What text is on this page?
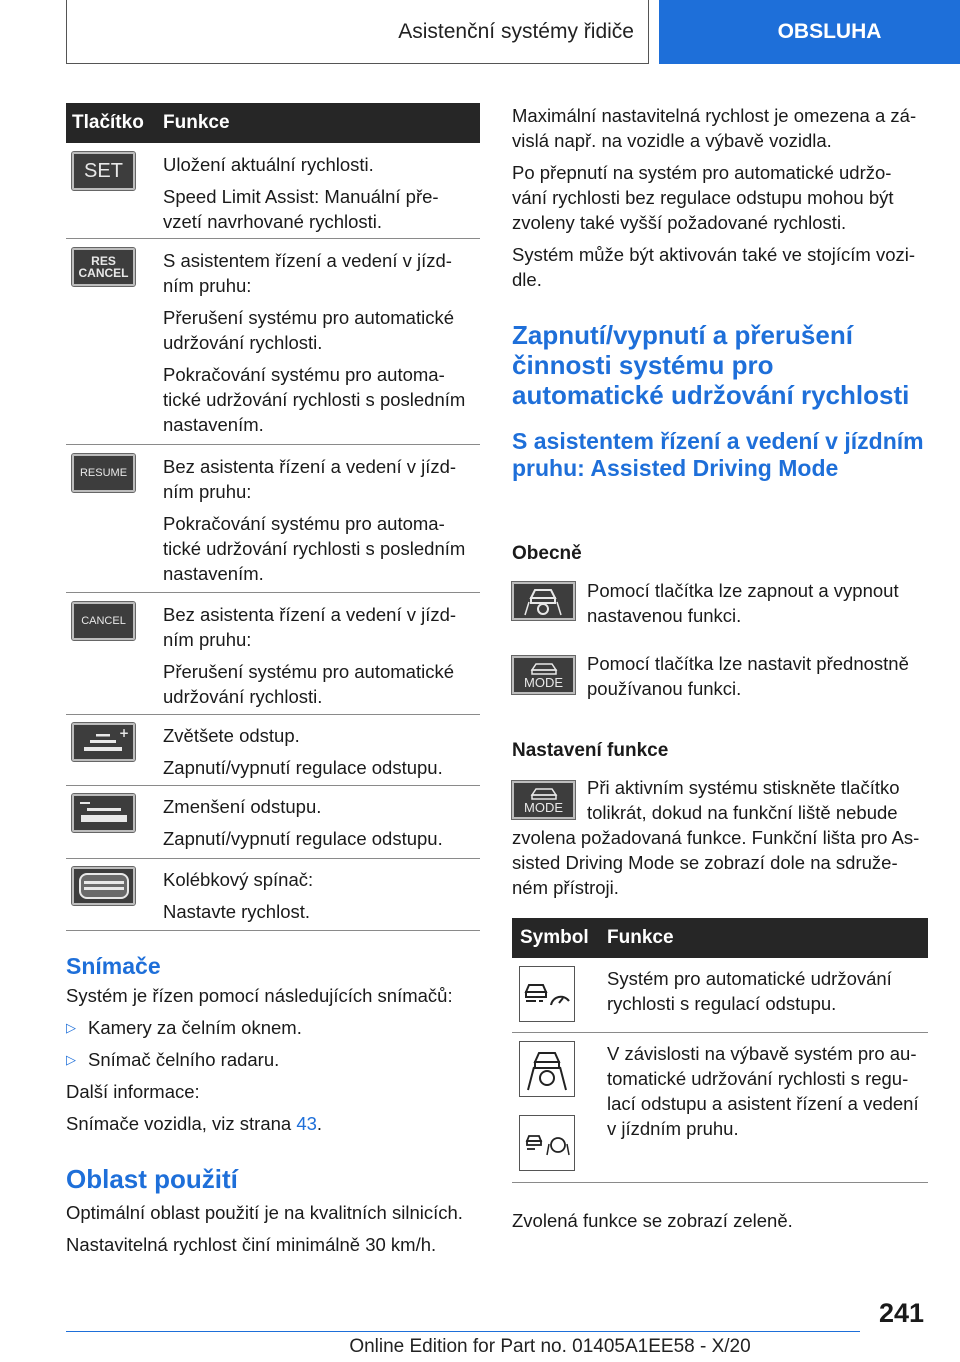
Asistenční systémy řidiče	OBSLUHA
Tlačítko	Funkce
SET Uložení aktuální rychlosti.

Speed Limit Assist: Manuální pře-vzetí navrhované rychlosti.

RES
CANCEL

S asistentem řízení a vedení v jízd-ním pruhu:

Přerušení systému pro automatické udržování rychlosti.

Pokračování systému pro automa-tické udržování rychlosti s posledním nastavením.

RESUME Bez asistenta řízení a vedení v jízd-ním pruhu:

Pokračování systému pro automa-tické udržování rychlosti s posledním nastavením.

CANCEL Bez asistenta řízení a vedení v jízd-ním pruhu:

Přerušení systému pro automatické udržování rychlosti.

+ Zvětšete odstup.

Zapnutí/vypnutí regulace odstupu.

Zmenšení odstupu.

Zapnutí/vypnutí regulace odstupu.

Kolébkový spínač:

Nastavte rychlost.

Snímače
Systém je řízen pomocí následujících snímačů:
▷ Kamery za čelním oknem.
▷ Snímač čelního radaru.
Další informace:
Snímače vozidla, viz strana 43.
Oblast použití
Optimální oblast použití je na kvalitních silnicích.
Nastavitelná rychlost činí minimálně 30 km/h.

Maximální nastavitelná rychlost je omezena a zá-vislá např. na vozidle a výbavě vozidla.

Po přepnutí na systém pro automatické udržo-vání rychlosti bez regulace odstupu mohou být zvoleny také vyšší požadované rychlosti.

Systém může být aktivován také ve stojícím vozi-dle.

Zapnutí/vypnutí a přerušení činnosti systému pro automatické udržování rychlosti
S asistentem řízení a vedení v jízdním pruhu: Assisted Driving Mode
Obecně
Pomocí tlačítka lze zapnout a vypnout nastavenou funkci.
MODE
Pomocí tlačítka lze nastavit přednostně používanou funkci.
Nastavení funkce
MODE
Při aktivním systému stiskněte tlačítko tolikrát, dokud na funkční liště nebude zvolena požadovaná funkce. Funkční lišta pro As-sisted Driving Mode se zobrazí dole na sdruže-ném přístroji.
Symbol Funkce
Systém pro automatické udržování rychlosti s regulací odstupu.
V závislosti na výbavě systém pro au-tomatické udržování rychlosti s regu-lací odstupu a asistent řízení a vedení v jízdním pruhu.
Zvolená funkce se zobrazí zeleně.
241
Online Edition for Part no. 01405A1EE58 - X/20
